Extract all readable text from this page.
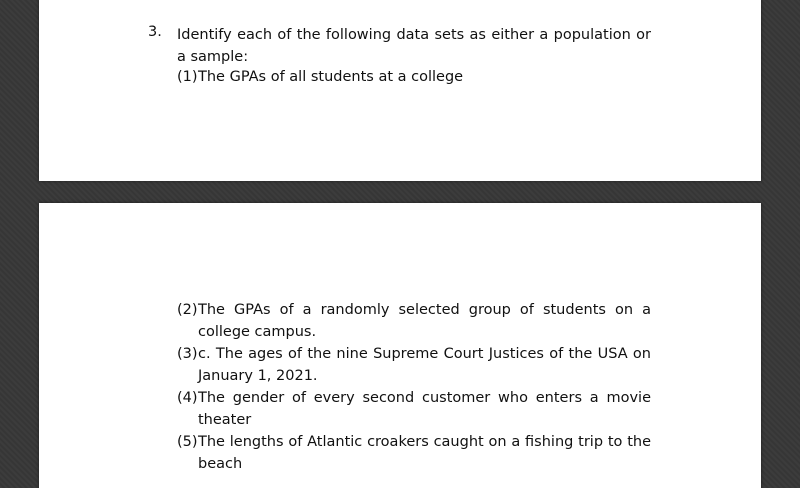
3. Identify each of the following data sets as either a population or a sample:
(1) The GPAs of all students at a college
(2) The GPAs of a randomly selected group of students on a college campus.
(3) c. The ages of the nine Supreme Court Justices of the USA on January 1, 2021.
(4) The gender of every second customer who enters a movie theater
(5) The lengths of Atlantic croakers caught on a fishing trip to the beach
